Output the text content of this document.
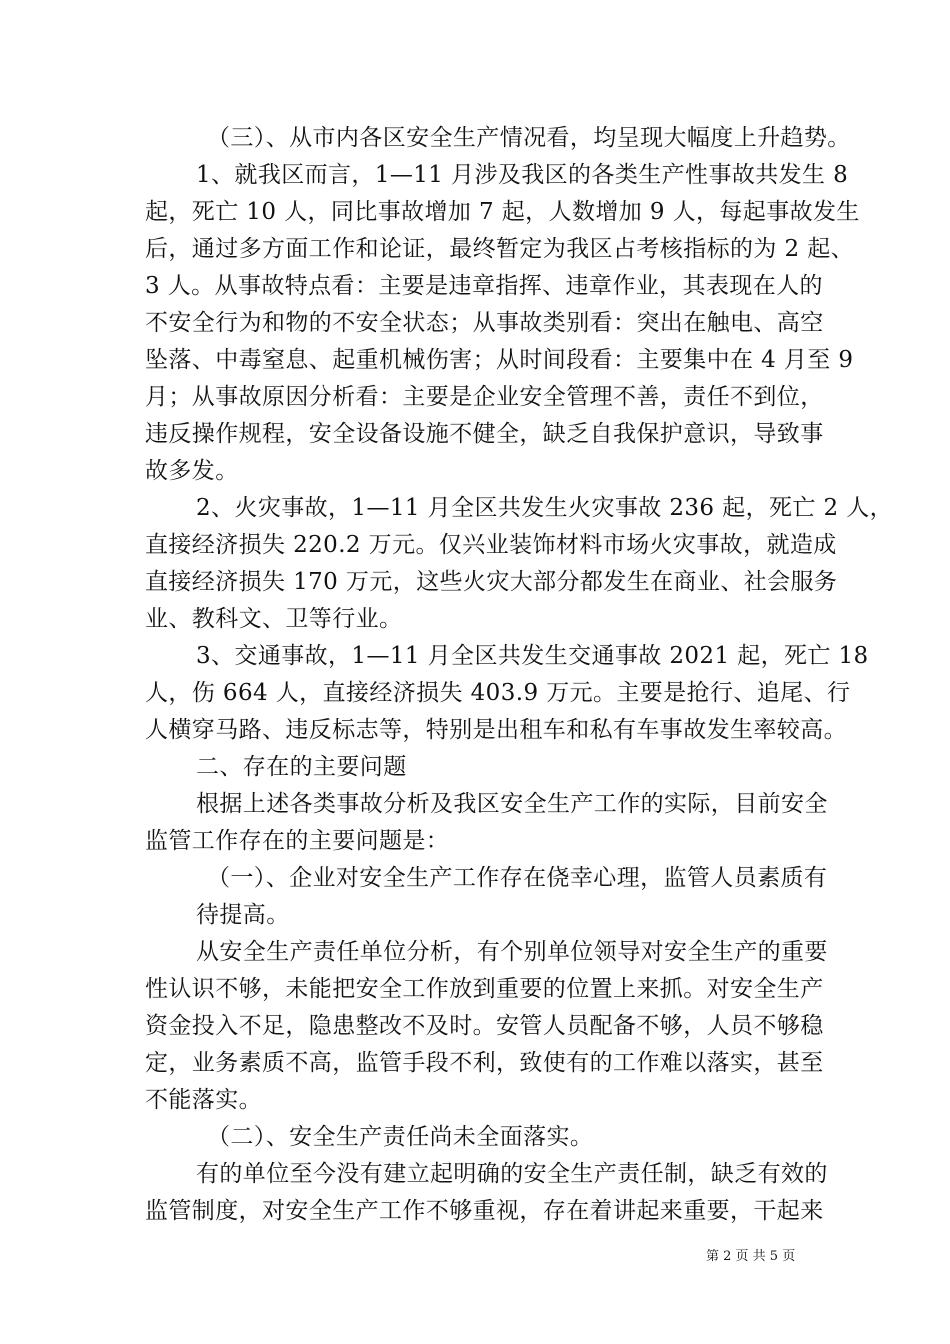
（三）、从市内各区安全生产情况看，均呈现大幅度上升趋势。
1、就我区而言，1—11 月涉及我区的各类生产性事故共发生 8
起，死亡 10 人，同比事故增加 7 起，人数增加 9 人，每起事故发生
后，通过多方面工作和论证，最终暂定为我区占考核指标的为 2 起、
3 人。从事故特点看：主要是违章指挥、违章作业，其表现在人的
不安全行为和物的不安全状态；从事故类别看：突出在触电、高空
坠落、中毒窒息、起重机械伤害；从时间段看：主要集中在 4 月至 9
月；从事故原因分析看：主要是企业安全管理不善，责任不到位，
违反操作规程，安全设备设施不健全，缺乏自我保护意识，导致事
故多发。
2、火灾事故，1—11 月全区共发生火灾事故 236 起，死亡 2 人，
直接经济损失 220.2 万元。仅兴业装饰材料市场火灾事故，就造成
直接经济损失 170 万元，这些火灾大部分都发生在商业、社会服务
业、教科文、卫等行业。
3、交通事故，1—11 月全区共发生交通事故 2021 起，死亡 18
人，伤 664 人，直接经济损失 403.9 万元。主要是抢行、追尾、行
人横穿马路、违反标志等，特别是出租车和私有车事故发生率较高。
二、存在的主要问题
根据上述各类事故分析及我区安全生产工作的实际，目前安全
监管工作存在的主要问题是：
（一）、企业对安全生产工作存在侥幸心理，监管人员素质有
待提高。
从安全生产责任单位分析，有个别单位领导对安全生产的重要
性认识不够，未能把安全工作放到重要的位置上来抓。对安全生产
资金投入不足，隐患整改不及时。安管人员配备不够，人员不够稳
定，业务素质不高，监管手段不利，致使有的工作难以落实，甚至
不能落实。
（二）、安全生产责任尚未全面落实。
有的单位至今没有建立起明确的安全生产责任制，缺乏有效的
监管制度，对安全生产工作不够重视，存在着讲起来重要，干起来
第 2 页 共 5 页
